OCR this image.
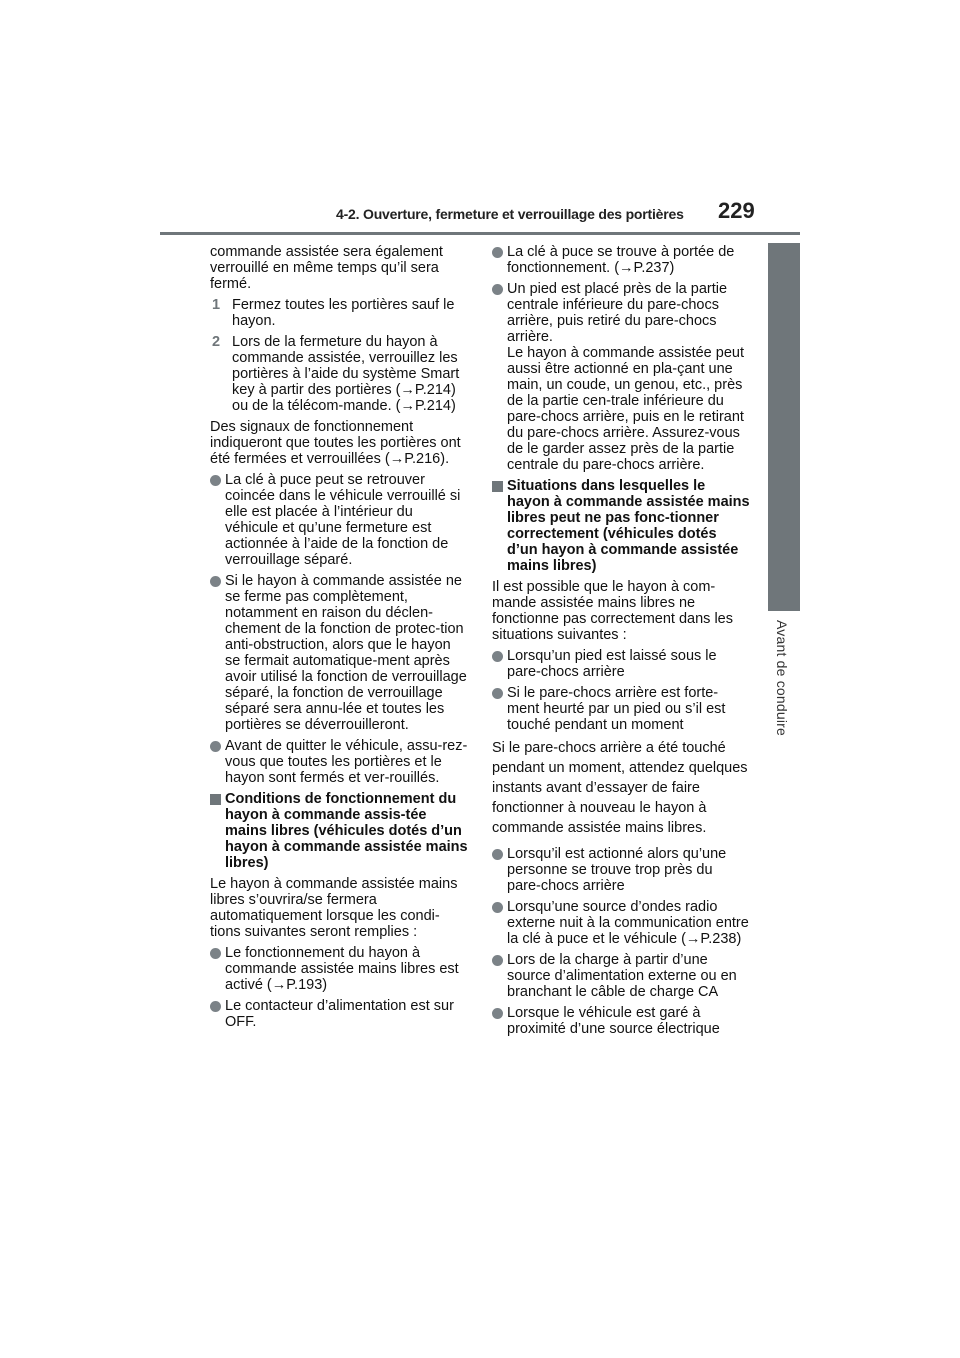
4-2. Ouverture, fermeture et verrouillage des portières 229
4
Avant de conduire

commande assistée sera également verrouillé en même temps qu’il sera fermé.

1 Fermez toutes les portières sauf le hayon.
2 Lors de la fermeture du hayon à commande assistée, verrouillez les portières à l’aide du système Smart key à partir des portières (→P.214) ou de la télécom-mande. (→P.214)

Des signaux de fonctionnement indiqueront que toutes les portières ont été fermées et verrouillées (→P.216).

La clé à puce peut se retrouver coincée dans le véhicule verrouillé si elle est placée à l’intérieur du véhicule et qu’une fermeture est actionnée à l’aide de la fonction de verrouillage séparé.
Si le hayon à commande assistée ne se ferme pas complètement, notamment en raison du déclen-chement de la fonction de protec-tion anti-obstruction, alors que le hayon se fermait automatique-ment après avoir utilisé la fonction de verrouillage séparé, la fonction de verrouillage séparé sera annu-lée et toutes les portières se déverrouilleront.
Avant de quitter le véhicule, assu-rez-vous que toutes les portières et le hayon sont fermés et ver-rouillés.
Conditions de fonctionnement du hayon à commande assis-tée mains libres (véhicules dotés d’un hayon à commande assistée mains libres)

Le hayon à commande assistée mains libres s’ouvrira/se fermera automatiquement lorsque les condi-tions suivantes seront remplies :

Le fonctionnement du hayon à commande assistée mains libres est activé (→P.193)
Le contacteur d’alimentation est sur OFF.
La clé à puce se trouve à portée de fonctionnement. (→P.237)
Un pied est placé près de la partie centrale inférieure du pare-chocs arrière, puis retiré du pare-chocs arrière.
Le hayon à commande assistée peut aussi être actionné en pla-çant une main, un coude, un genou, etc., près de la partie cen-trale inférieure du pare-chocs arrière, puis en le retirant du pare-chocs arrière. Assurez-vous de le garder assez près de la partie centrale du pare-chocs arrière.
Situations dans lesquelles le hayon à commande assistée mains libres peut ne pas fonc-tionner correctement (véhicules dotés d’un hayon à commande assistée mains libres)

Il est possible que le hayon à com-mande assistée mains libres ne fonctionne pas correctement dans les situations suivantes :

Lorsqu’un pied est laissé sous le pare-chocs arrière
Si le pare-chocs arrière est forte-ment heurté par un pied ou s’il est touché pendant un moment

Si le pare-chocs arrière a été touché pendant un moment, attendez quelques instants avant d’essayer de faire fonctionner à nouveau le hayon à commande assistée mains libres.

Lorsqu’il est actionné alors qu’une personne se trouve trop près du pare-chocs arrière
Lorsqu’une source d’ondes radio externe nuit à la communication entre la clé à puce et le véhicule (→P.238)
Lors de la charge à partir d’une source d’alimentation externe ou en branchant le câble de charge CA
Lorsque le véhicule est garé à proximité d’une source électrique
